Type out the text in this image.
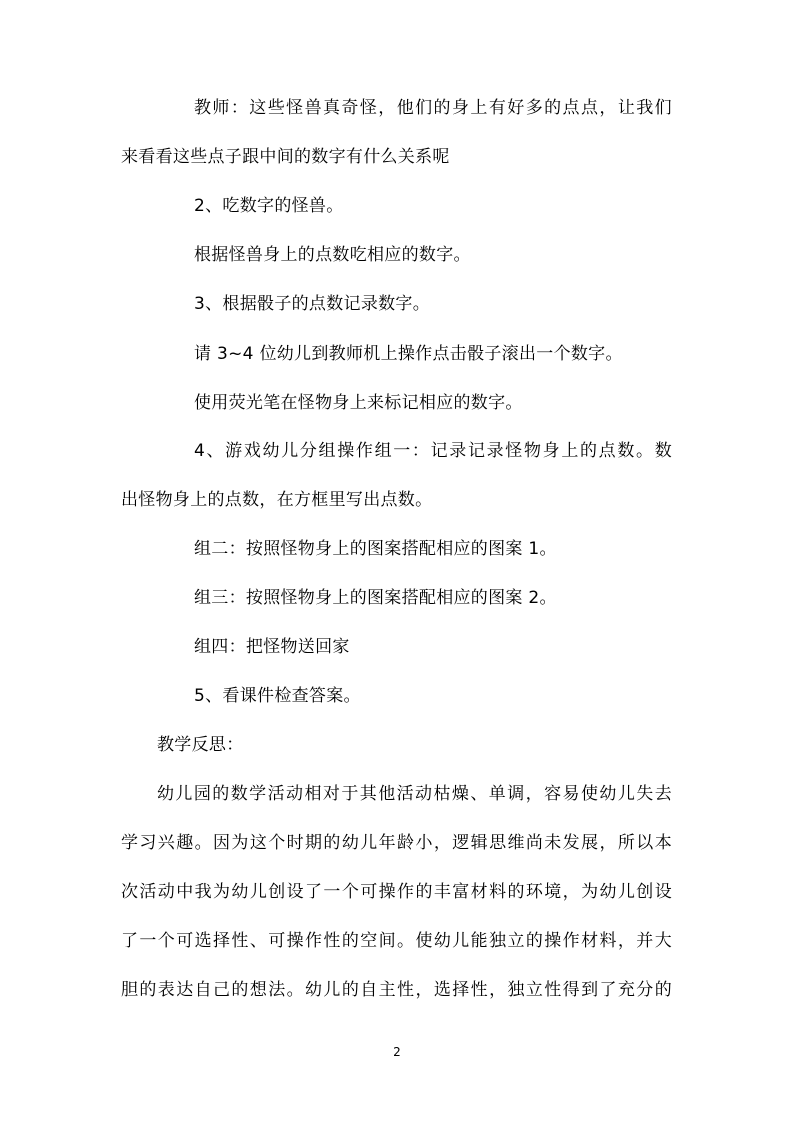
教师：这些怪兽真奇怪，他们的身上有好多的点点，让我们
来看看这些点子跟中间的数字有什么关系呢
2、吃数字的怪兽。
根据怪兽身上的点数吃相应的数字。
3、根据骰子的点数记录数字。
请 3~4 位幼儿到教师机上操作点击骰子滚出一个数字。
使用荧光笔在怪物身上来标记相应的数字。
4、游戏幼儿分组操作组一：记录记录怪物身上的点数。数
出怪物身上的点数，在方框里写出点数。
组二：按照怪物身上的图案搭配相应的图案 1。
组三：按照怪物身上的图案搭配相应的图案 2。
组四：把怪物送回家
5、看课件检查答案。
教学反思：
幼儿园的数学活动相对于其他活动枯燥、单调，容易使幼儿失去
学习兴趣。因为这个时期的幼儿年龄小，逻辑思维尚未发展，所以本
次活动中我为幼儿创设了一个可操作的丰富材料的环境，为幼儿创设
了一个可选择性、可操作性的空间。使幼儿能独立的操作材料，并大
胆的表达自己的想法。幼儿的自主性，选择性，独立性得到了充分的
2
